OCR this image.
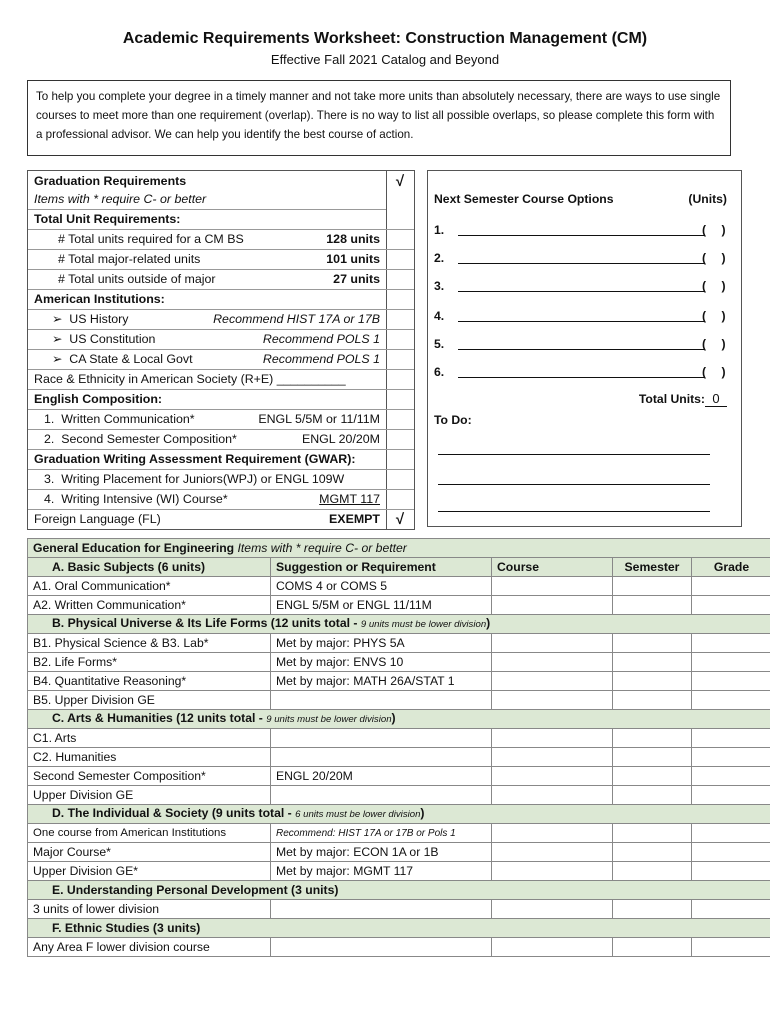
Academic Requirements Worksheet: Construction Management (CM)
Effective Fall 2021 Catalog and Beyond
To help you complete your degree in a timely manner and not take more units than absolutely necessary, there are ways to use single courses to meet more than one requirement (overlap). There is no way to list all possible overlaps, so please complete this form with a professional advisor. We can help you identify the best course of action.
√
Graduation Requirements
Items with * require C- or better
Total Unit Requirements:
# Total units required for a CM BS	128 units
# Total major-related units	101 units
# Total units outside of major	27 units
American Institutions:
➢ US History	Recommend HIST 17A or 17B
➢ US Constitution	Recommend POLS 1
➢ CA State & Local Govt	Recommend POLS 1
Race & Ethnicity in American Society (R+E) __________
English Composition:
1. Written Communication*	ENGL 5/5M or 11/11M
2. Second Semester Composition*	ENGL 20/20M
Graduation Writing Assessment Requirement (GWAR):
3. Writing Placement for Juniors(WPJ) or ENGL 109W
4. Writing Intensive (WI) Course*	MGMT 117
Foreign Language (FL)	EXEMPT	√
Next Semester Course Options	(Units)
1.	( )
2.	( )
3.	( )
4.	( )
5.	( )
6.	( )
Total Units: 0
To Do:
General Education for Engineering Items with * require C- or better				
A. Basic Subjects (6 units)	Suggestion or Requirement	Course	Semester	Grade
A1. Oral Communication*	COMS 4 or COMS 5			
A2. Written Communication*	ENGL 5/5M or ENGL 11/11M			
B. Physical Universe & Its Life Forms (12 units total - 9 units must be lower division)				
B1. Physical Science & B3. Lab*	Met by major: PHYS 5A			
B2. Life Forms*	Met by major: ENVS 10			
B4. Quantitative Reasoning*	Met by major: MATH 26A/STAT 1			
B5. Upper Division GE				
C. Arts & Humanities (12 units total - 9 units must be lower division)				
C1. Arts				
C2. Humanities				
Second Semester Composition*	ENGL 20/20M			
Upper Division GE				
D. The Individual & Society (9 units total - 6 units must be lower division)				
One course from American Institutions	Recommend: HIST 17A or 17B or Pols 1			
Major Course*	Met by major: ECON 1A or 1B			
Upper Division GE*	Met by major: MGMT 117			
E. Understanding Personal Development (3 units)				
3 units of lower division				
F. Ethnic Studies (3 units)				
Any Area F lower division course				
